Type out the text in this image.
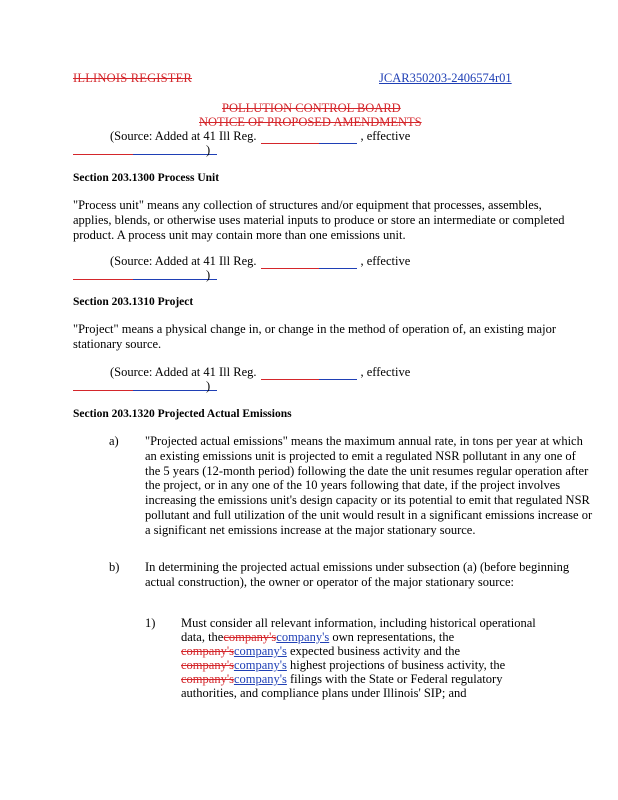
ILLINOIS REGISTER	JCAR350203-2406574r01
POLLUTION CONTROL BOARD
NOTICE OF PROPOSED AMENDMENTS
(Source: Added at 41 Ill Reg.	, effective
)
Section 203.1300 Process Unit
"Process unit" means any collection of structures and/or equipment that processes, assembles, applies, blends, or otherwise uses material inputs to produce or store an intermediate or completed product. A process unit may contain more than one emissions unit.
(Source: Added at 41 Ill Reg.	, effective
)
Section 203.1310 Project
"Project" means a physical change in, or change in the method of operation of, an existing major stationary source.
(Source: Added at 41 Ill Reg.	, effective
)
Section 203.1320 Projected Actual Emissions
a) "Projected actual emissions" means the maximum annual rate, in tons per year at which an existing emissions unit is projected to emit a regulated NSR pollutant in any one of the 5 years (12-month period) following the date the unit resumes regular operation after the project, or in any one of the 10 years following that date, if the project involves increasing the emissions unit's design capacity or its potential to emit that regulated NSR pollutant and full utilization of the unit would result in a significant emissions increase or a significant net emissions increase at the major stationary source.
b) In determining the projected actual emissions under subsection (a) (before beginning actual construction), the owner or operator of the major stationary source:
1) Must consider all relevant information, including historical operational
data, thecompany'scompany's own representations, the
company'scompany's expected business activity and the
company'scompany's highest projections of business activity, the
company'scompany's filings with the State or Federal regulatory
authorities, and compliance plans under Illinois' SIP; and
